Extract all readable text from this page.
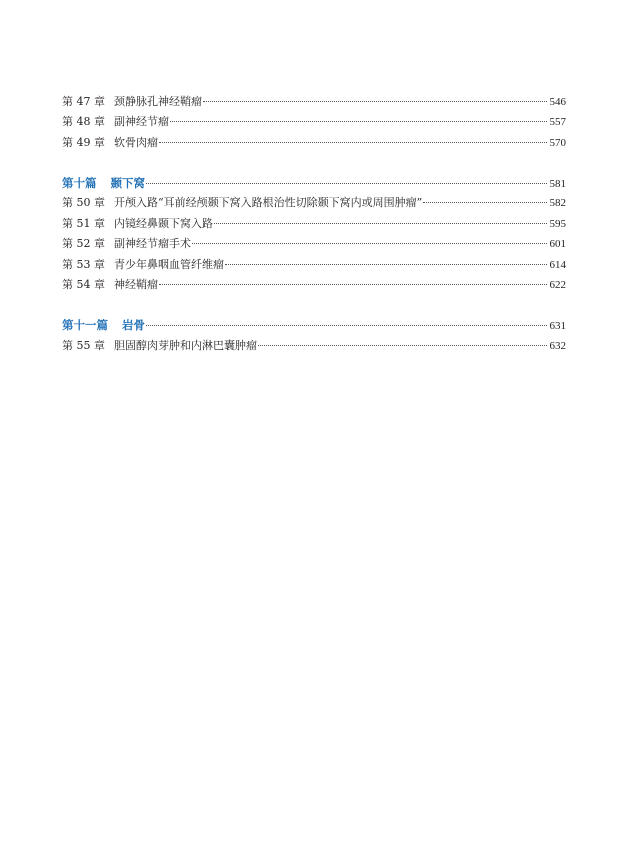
第 47 章 颈静脉孔神经鞘瘤	546
第 48 章 副神经节瘤	557
第 49 章 软骨肉瘤	570
第十篇 颞下窝	581
第 50 章 开颅入路“耳前经颅颞下窝入路根治性切除颞下窝内或周围肿瘤”	582
第 51 章 内镜经鼻颞下窝入路	595
第 52 章 副神经节瘤手术	601
第 53 章 青少年鼻咽血管纤维瘤	614
第 54 章 神经鞘瘤	622
第十一篇 岩骨	631
第 55 章 胆固醇肉芽肿和内淋巴囊肿瘤	632
